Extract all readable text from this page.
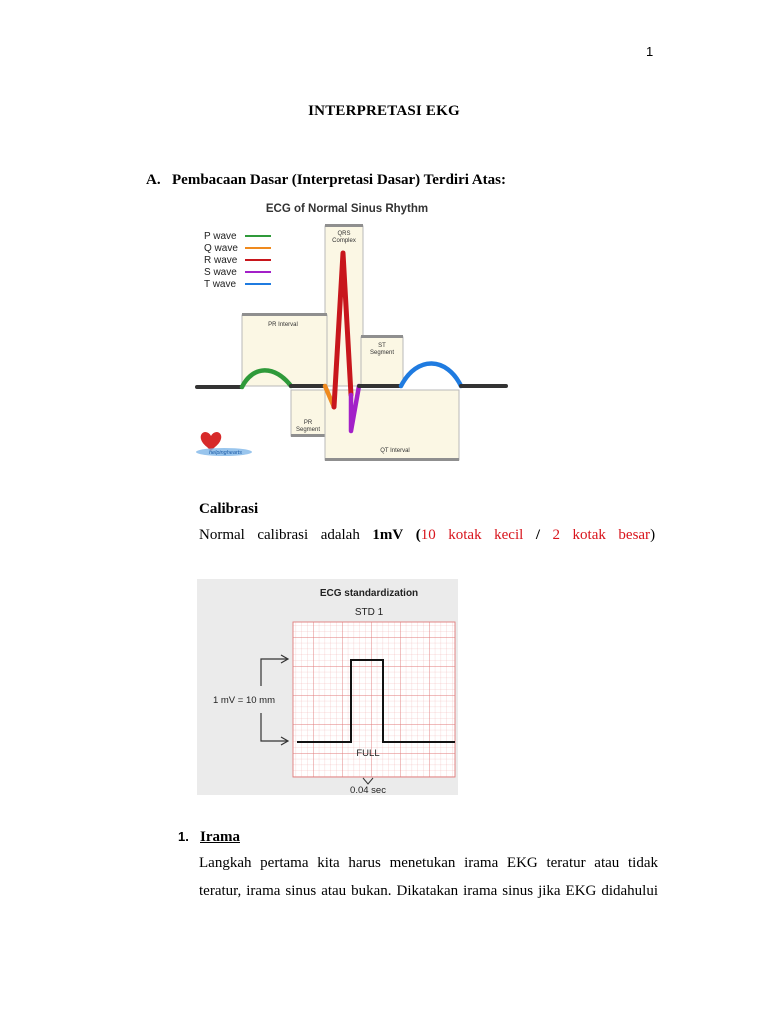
1
INTERPRETASI EKG
A. Pembacaan Dasar (Interpretasi Dasar) Terdiri Atas:
ECG of Normal Sinus Rhythm
P wave
Q wave
R wave
S wave
T wave
QRS
Complex
PR Interval
ST
Segment
PR
Segment
QT Interval
helpinghearts
Calibrasi
Normal calibrasi adalah 1mV (10 kotak kecil / 2 kotak besar)
ECG standardization
STD 1
FULL
1 mV = 10 mm
0.04 sec
1. Irama
Langkah pertama kita harus menetukan irama EKG teratur atau tidak
teratur, irama sinus atau bukan. Dikatakan irama sinus jika EKG didahului
